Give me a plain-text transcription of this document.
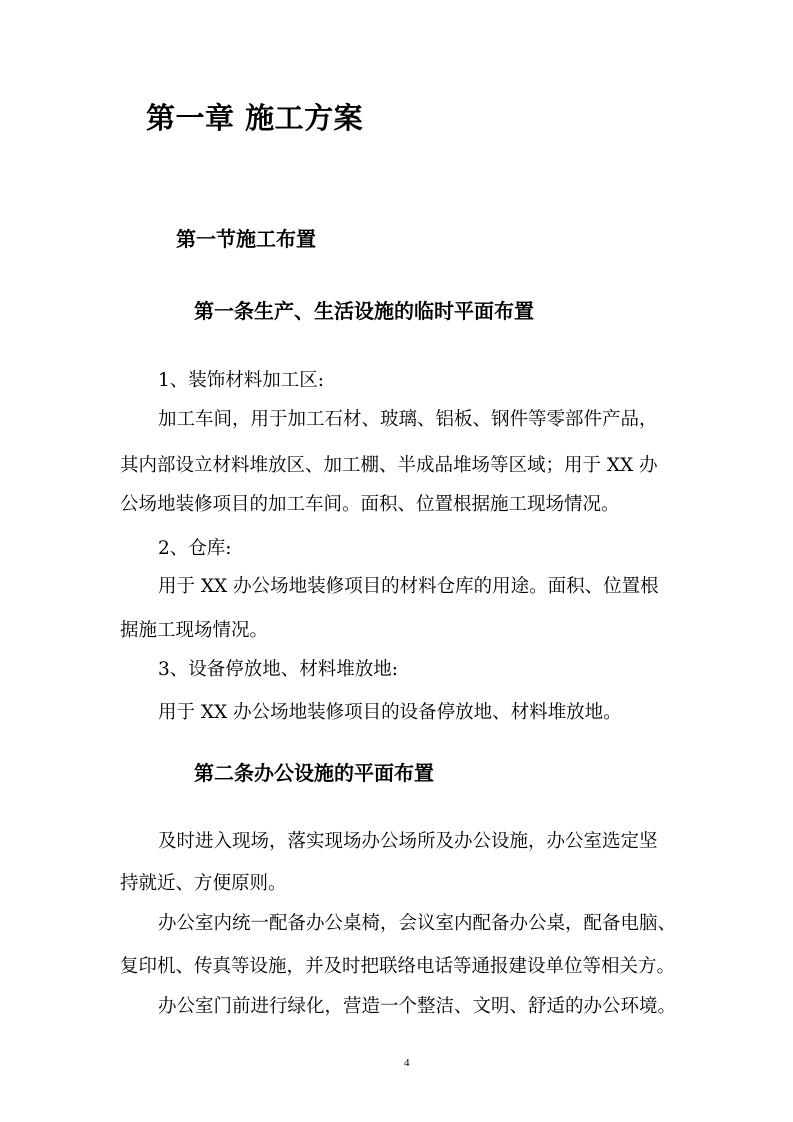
第一章 施工方案
第一节施工布置
第一条生产、生活设施的临时平面布置

1、装饰材料加工区:

加工车间，用于加工石材、玻璃、铝板、钢件等零部件产品，

其内部设立材料堆放区、加工棚、半成品堆场等区域；用于 XX 办

公场地装修项目的加工车间。面积、位置根据施工现场情况。

2、仓库:

用于 XX 办公场地装修项目的材料仓库的用途。面积、位置根

据施工现场情况。

3、设备停放地、材料堆放地:

用于 XX 办公场地装修项目的设备停放地、材料堆放地。

第二条办公设施的平面布置

及时进入现场，落实现场办公场所及办公设施，办公室选定坚

持就近、方便原则。

办公室内统一配备办公桌椅，会议室内配备办公桌，配备电脑、

复印机、传真等设施，并及时把联络电话等通报建设单位等相关方。

办公室门前进行绿化，营造一个整洁、文明、舒适的办公环境。

4
